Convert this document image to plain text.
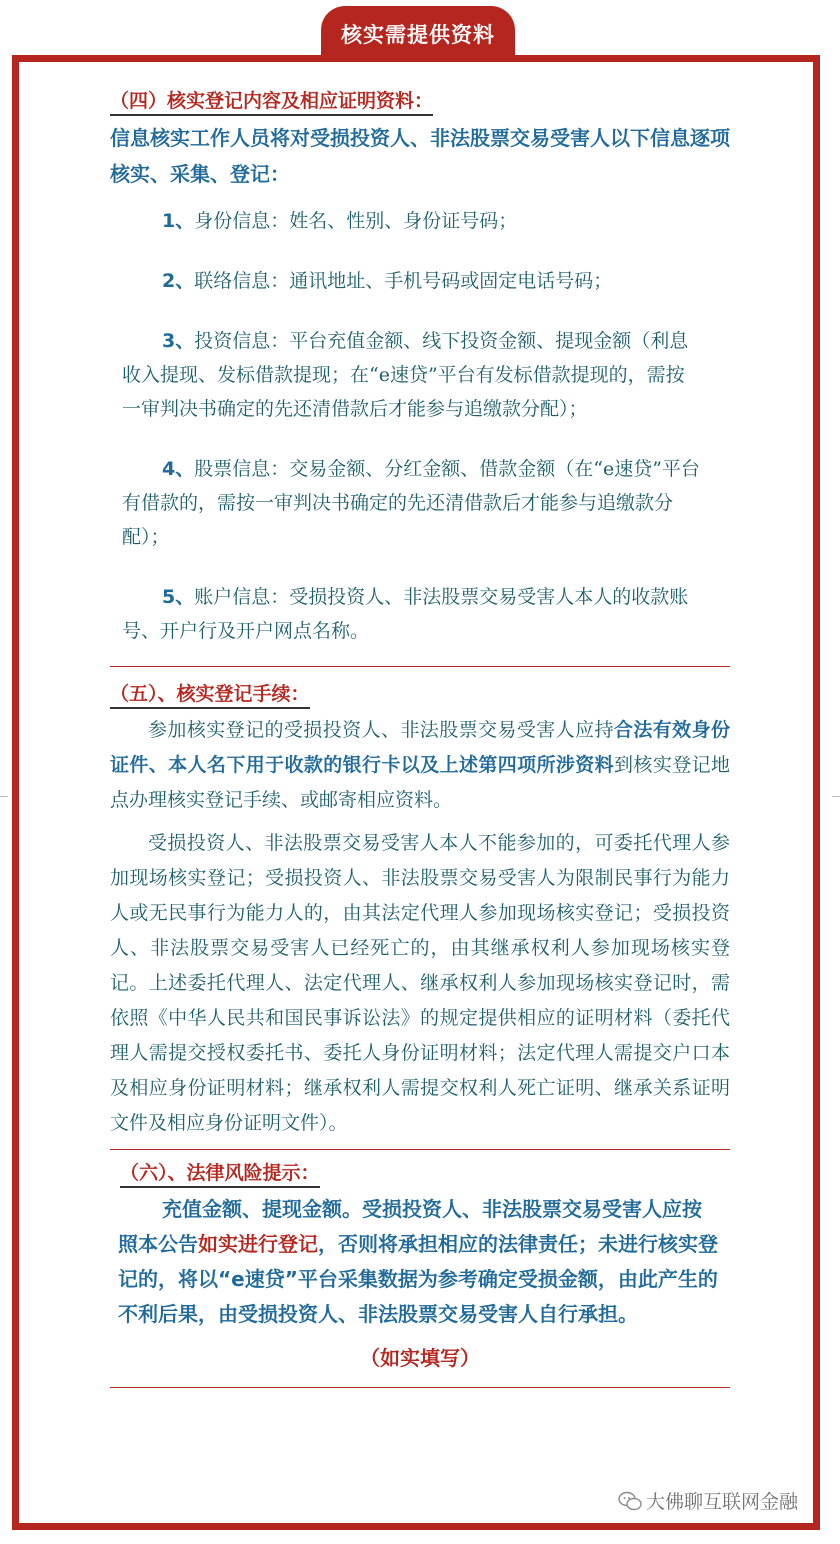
核实需提供资料
（四）核实登记内容及相应证明资料：

信息核实工作人员将对受损投资人、非法股票交易受害人以下信息逐项核实、采集、登记：

1、身份信息：姓名、性别、身份证号码；

2、联络信息：通讯地址、手机号码或固定电话号码；

3、投资信息：平台充值金额、线下投资金额、提现金额（利息收入提现、发标借款提现；在“e速贷”平台有发标借款提现的，需按一审判决书确定的先还清借款后才能参与追缴款分配）；

4、股票信息：交易金额、分红金额、借款金额（在“e速贷”平台有借款的，需按一审判决书确定的先还清借款后才能参与追缴款分配）；

5、账户信息：受损投资人、非法股票交易受害人本人的收款账号、开户行及开户网点名称。

（五）、核实登记手续：

参加核实登记的受损投资人、非法股票交易受害人应持合法有效身份证件、本人名下用于收款的银行卡以及上述第四项所涉资料到核实登记地点办理核实登记手续、或邮寄相应资料。

受损投资人、非法股票交易受害人本人不能参加的，可委托代理人参加现场核实登记；受损投资人、非法股票交易受害人为限制民事行为能力人或无民事行为能力人的，由其法定代理人参加现场核实登记；受损投资人、非法股票交易受害人已经死亡的，由其继承权利人参加现场核实登记。上述委托代理人、法定代理人、继承权利人参加现场核实登记时，需依照《中华人民共和国民事诉讼法》的规定提供相应的证明材料（委托代理人需提交授权委托书、委托人身份证明材料；法定代理人需提交户口本及相应身份证明材料；继承权利人需提交权利人死亡证明、继承关系证明文件及相应身份证明文件）。

（六）、法律风险提示：

充值金额、提现金额。受损投资人、非法股票交易受害人应按照本公告如实进行登记，否则将承担相应的法律责任；未进行核实登记的，将以“e速贷”平台采集数据为参考确定受损金额，由此产生的不利后果，由受损投资人、非法股票交易受害人自行承担。

（如实填写）

大佛聊互联网金融
